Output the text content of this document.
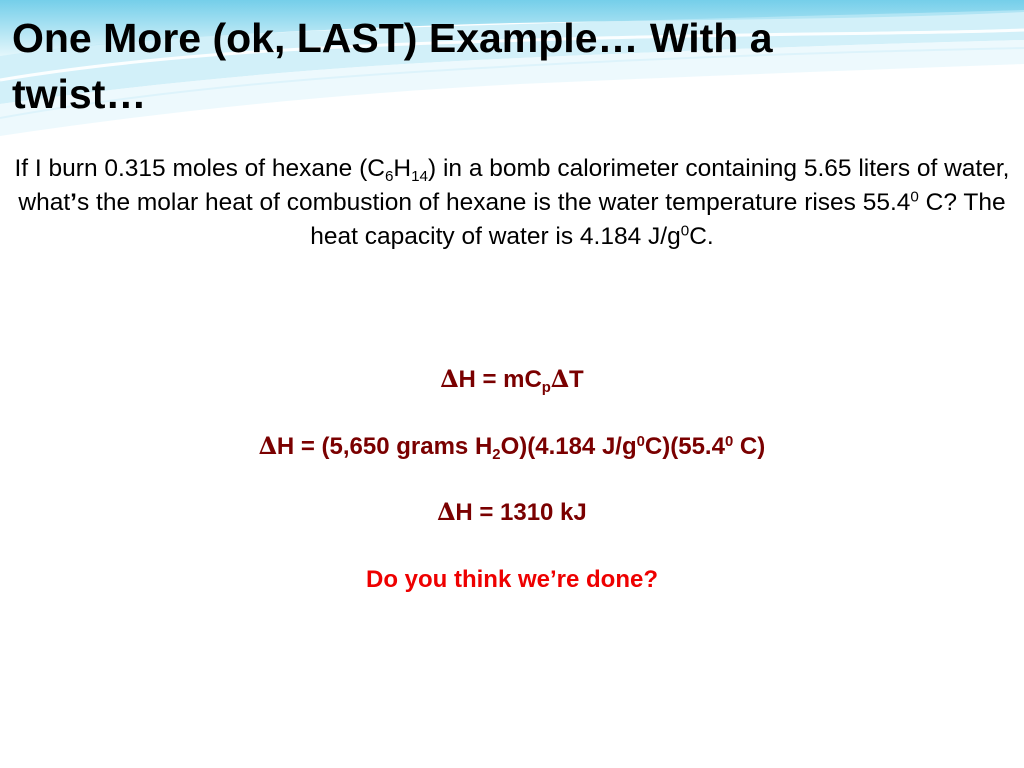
One More (ok, LAST) Example… With a twist…

If I burn 0.315 moles of hexane $(C_6H_{14})$ in a bomb calorimeter containing 5.65 liters of water, what’s the molar heat of combustion of hexane is the water temperature rises 55.4$^0$ C? The heat capacity of water is 4.184 $J/g^0C$.

$\Delta H = mC_p\Delta T$

∆H = (5,650 grams $H_2O)(4.184$ $J/g^0C)(55.4^0$ C)

∆H = 1310 kJ

Do you think we’re done?
